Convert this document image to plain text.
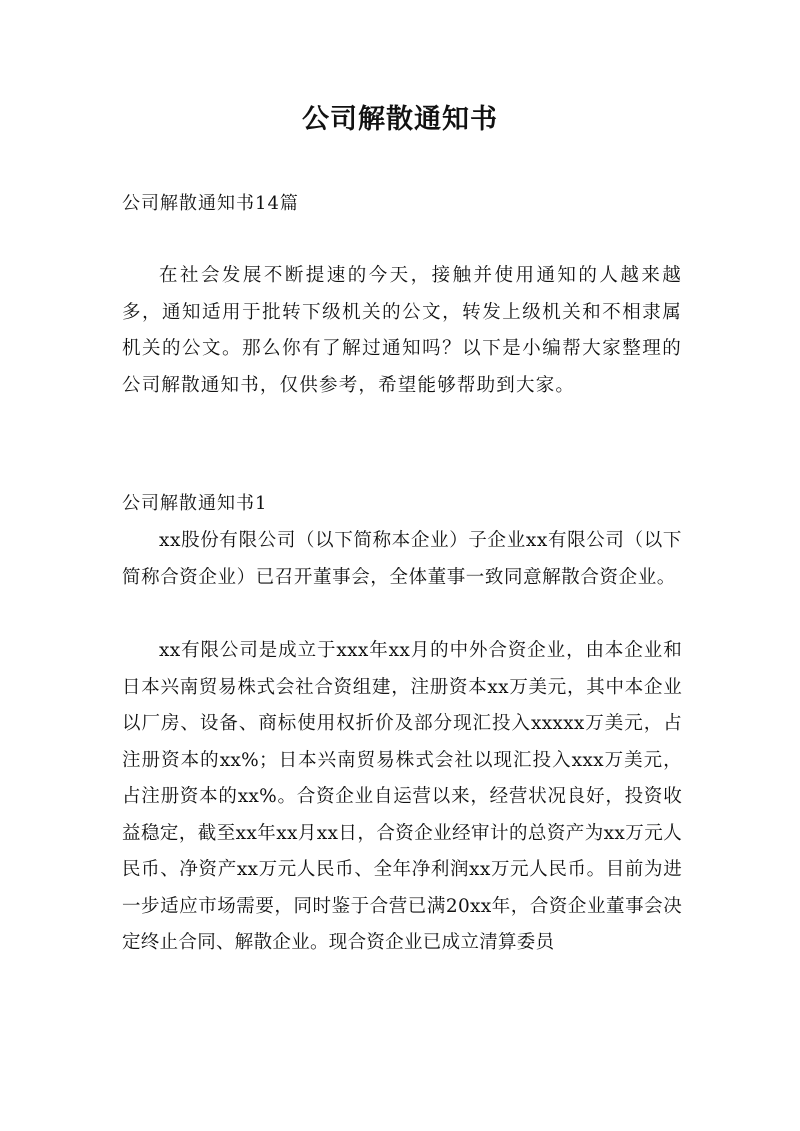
公司解散通知书
公司解散通知书14篇

在社会发展不断提速的今天，接触并使用通知的人越来越多，通知适用于批转下级机关的公文，转发上级机关和不相隶属机关的公文。那么你有了解过通知吗？以下是小编帮大家整理的公司解散通知书，仅供参考，希望能够帮助到大家。

公司解散通知书1

xx股份有限公司（以下简称本企业）子企业xx有限公司（以下简称合资企业）已召开董事会，全体董事一致同意解散合资企业。

xx有限公司是成立于xxx年xx月的中外合资企业，由本企业和日本兴南贸易株式会社合资组建，注册资本xx万美元，其中本企业以厂房、设备、商标使用权折价及部分现汇投入xxxxx万美元，占注册资本的xx%；日本兴南贸易株式会社以现汇投入xxx万美元，占注册资本的xx%。合资企业自运营以来，经营状况良好，投资收益稳定，截至xx年xx月xx日，合资企业经审计的总资产为xx万元人民币、净资产xx万元人民币、全年净利润xx万元人民币。目前为进一步适应市场需要，同时鉴于合营已满20xx年，合资企业董事会决定终止合同、解散企业。现合资企业已成立清算委员
